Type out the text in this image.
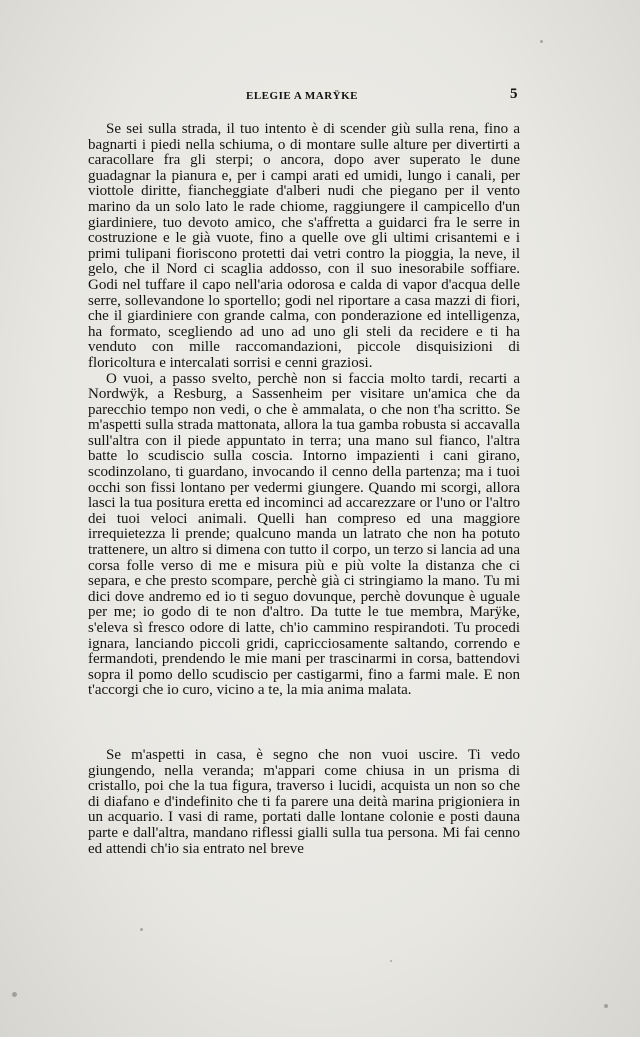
ELEGIE A MARŸKE	5

Se sei sulla strada, il tuo intento è di scender giù sulla rena, fino a bagnarti i piedi nella schiuma, o di montare sulle alture per divertirti a caracollare fra gli sterpi; o ancora, dopo aver superato le dune guadagnar la pianura e, per i campi arati ed umidi, lungo i canali, per viottole diritte, fiancheggiate d'alberi nudi che piegano per il vento marino da un solo lato le rade chiome, raggiungere il campicello d'un giardiniere, tuo devoto amico, che s'affretta a guidarci fra le serre in costruzione e le già vuote, fino a quelle ove gli ultimi crisantemi e i primi tulipani fioriscono protetti dai vetri contro la pioggia, la neve, il gelo, che il Nord ci scaglia addosso, con il suo inesorabile soffiare. Godi nel tuffare il capo nell'aria odorosa e calda di vapor d'acqua delle serre, sollevandone lo sportello; godi nel riportare a casa mazzi di fiori, che il giardiniere con grande calma, con ponderazione ed intelligenza, ha formato, scegliendo ad uno ad uno gli steli da recidere e ti ha venduto con mille raccomandazioni, piccole disquisizioni di floricoltura e intercalati sorrisi e cenni graziosi.

O vuoi, a passo svelto, perchè non si faccia molto tardi, recarti a Nordwÿk, a Resburg, a Sassenheim per visitare un'amica che da parecchio tempo non vedi, o che è ammalata, o che non t'ha scritto. Se m'aspetti sulla strada mattonata, allora la tua gamba robusta si accavalla sull'altra con il piede appuntato in terra; una mano sul fianco, l'altra batte lo scudiscio sulla coscia. Intorno impazienti i cani girano, scodinzolano, ti guardano, invocando il cenno della partenza; ma i tuoi occhi son fissi lontano per vedermi giungere. Quando mi scorgi, allora lasci la tua positura eretta ed incominci ad accarezzare or l'uno or l'altro dei tuoi veloci animali. Quelli han compreso ed una maggiore irrequietezza li prende; qualcuno manda un latrato che non ha potuto trattenere, un altro si dimena con tutto il corpo, un terzo si lancia ad una corsa folle verso di me e misura più e più volte la distanza che ci separa, e che presto scompare, perchè già ci stringiamo la mano. Tu mi dici dove andremo ed io ti seguo dovunque, perchè dovunque è uguale per me; io godo di te non d'altro. Da tutte le tue membra, Marÿke, s'eleva sì fresco odore di latte, ch'io cammino respirandoti. Tu procedi ignara, lanciando piccoli gridi, capricciosamente saltando, correndo e fermandoti, prendendo le mie mani per trascinarmi in corsa, battendovi sopra il pomo dello scudiscio per castigarmi, fino a farmi male. E non t'accorgi che io curo, vicino a te, la mia anima malata.

Se m'aspetti in casa, è segno che non vuoi uscire. Ti vedo giungendo, nella veranda; m'appari come chiusa in un prisma di cristallo, poi che la tua figura, traverso i lucidi, acquista un non so che di diafano e d'indefinito che ti fa parere una deità marina prigioniera in un acquario. I vasi di rame, portati dalle lontane colonie e posti dauna parte e dall'altra, mandano riflessi gialli sulla tua persona. Mi fai cenno ed attendi ch'io sia entrato nel breve
